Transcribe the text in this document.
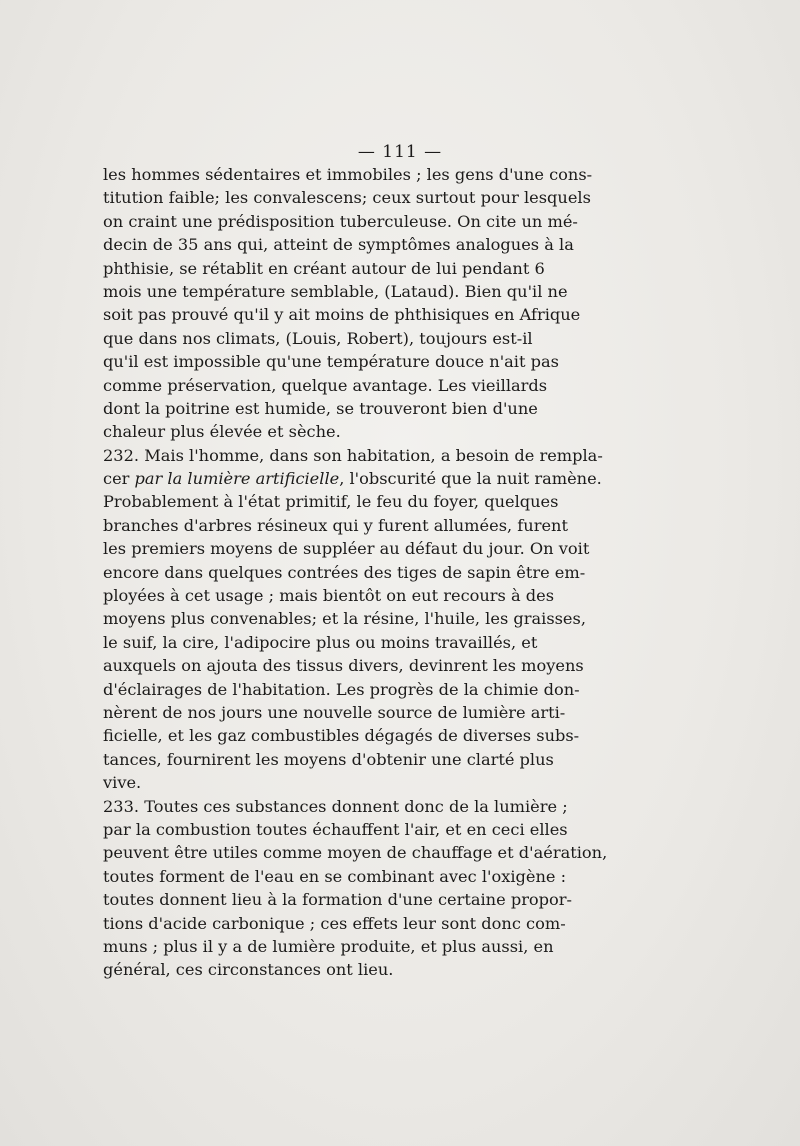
— 111 —
les hommes sédentaires et immobiles ; les gens d'une cons-
titution faible; les convalescens; ceux surtout pour lesquels
on craint une prédisposition tuberculeuse. On cite un mé-
decin de 35 ans qui, atteint de symptômes analogues à la
phthisie, se rétablit en créant autour de lui pendant 6
mois une température semblable, (Lataud). Bien qu'il ne
soit pas prouvé qu'il y ait moins de phthisiques en Afrique
que dans nos climats, (Louis, Robert), toujours est-il
qu'il est impossible qu'une température douce n'ait pas
comme préservation, quelque avantage. Les vieillards
dont la poitrine est humide, se trouveront bien d'une
chaleur plus élevée et sèche.
232. Mais l'homme, dans son habitation, a besoin de rempla-
cer par la lumière artificielle, l'obscurité que la nuit ramène.
Probablement à l'état primitif, le feu du foyer, quelques
branches d'arbres résineux qui y furent allumées, furent
les premiers moyens de suppléer au défaut du jour. On voit
encore dans quelques contrées des tiges de sapin être em-
ployées à cet usage ; mais bientôt on eut recours à des
moyens plus convenables; et la résine, l'huile, les graisses,
le suif, la cire, l'adipocire plus ou moins travaillés, et
auxquels on ajouta des tissus divers, devinrent les moyens
d'éclairages de l'habitation. Les progrès de la chimie don-
nèrent de nos jours une nouvelle source de lumière arti-
ficielle, et les gaz combustibles dégagés de diverses subs-
tances, fournirent les moyens d'obtenir une clarté plus
vive.
233. Toutes ces substances donnent donc de la lumière ;
par la combustion toutes échauffent l'air, et en ceci elles
peuvent être utiles comme moyen de chauffage et d'aération,
toutes forment de l'eau en se combinant avec l'oxigène :
toutes donnent lieu à la formation d'une certaine propor-
tions d'acide carbonique ; ces effets leur sont donc com-
muns ; plus il y a de lumière produite, et plus aussi, en
général, ces circonstances ont lieu.
